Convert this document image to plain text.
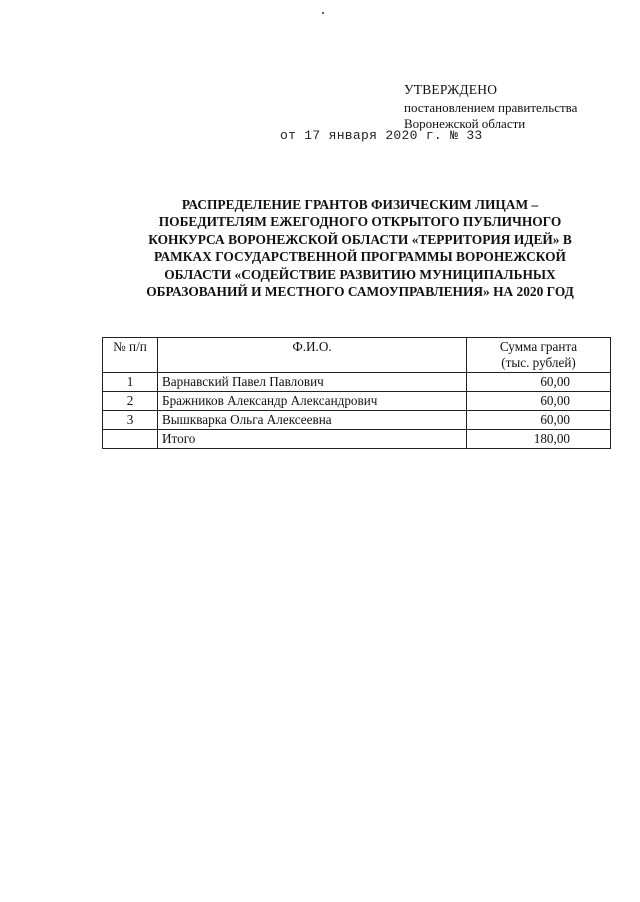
УТВЕРЖДЕНО
постановлением правительства
Воронежской области
от 17 января 2020 г. № 33
РАСПРЕДЕЛЕНИЕ ГРАНТОВ ФИЗИЧЕСКИМ ЛИЦАМ –
ПОБЕДИТЕЛЯМ ЕЖЕГОДНОГО ОТКРЫТОГО ПУБЛИЧНОГО
КОНКУРСА ВОРОНЕЖСКОЙ ОБЛАСТИ «ТЕРРИТОРИЯ ИДЕЙ» В
РАМКАХ ГОСУДАРСТВЕННОЙ ПРОГРАММЫ ВОРОНЕЖСКОЙ
ОБЛАСТИ «СОДЕЙСТВИЕ РАЗВИТИЮ МУНИЦИПАЛЬНЫХ
ОБРАЗОВАНИЙ И МЕСТНОГО САМОУПРАВЛЕНИЯ» НА 2020 ГОД
№ п/п	Ф.И.О.	Сумма гранта
(тыс. рублей)

1	Варнавский Павел Павлович	60,00
2	Бражников Александр Александрович	60,00
3	Вышкварка Ольга Алексеевна	60,00
	Итого	180,00
